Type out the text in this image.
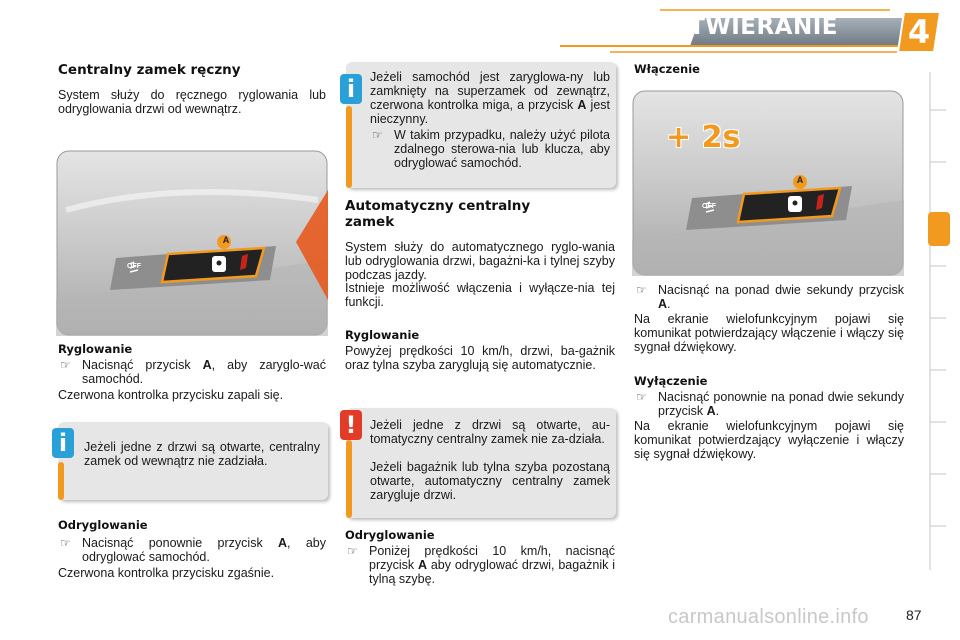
OTWIERANIE	4
Centralny zamek ręczny
System służy do ręcznego ryglowania lub odryglowania drzwi od wewnątrz.
A
OFF
Ryglowanie
☞ Nacisnąć przycisk A, aby zaryglo-wać samochód.
Czerwona kontrolka przycisku zapali się.
i	Jeżeli jedne z drzwi są otwarte, centralny zamek od wewnątrz nie zadziała.
Odryglowanie
☞ Nacisnąć ponownie przycisk A, aby odryglować samochód.
Czerwona kontrolka przycisku zgaśnie.
i	Jeżeli samochód jest zaryglowa-ny lub zamknięty na superzamek od zewnątrz, czerwona kontrolka miga, a przycisk A jest nieczynny.
☞ W takim przypadku, należy użyć pilota zdalnego sterowa-nia lub klucza, aby odryglować samochód.
Automatyczny centralny zamek
System służy do automatycznego ryglo-wania lub odryglowania drzwi, bagażni-ka i tylnej szyby podczas jazdy.
Istnieje możliwość włączenia i wyłącze-nia tej funkcji.
Ryglowanie
Powyżej prędkości 10 km/h, drzwi, ba-gażnik oraz tylna szyba zaryglują się automatycznie.
!	Jeżeli jedne z drzwi są otwarte, au-tomatyczny centralny zamek nie za-działa.
Jeżeli bagażnik lub tylna szyba pozostaną otwarte, automatyczny centralny zamek zarygluje drzwi.
Odryglowanie
☞ Poniżej prędkości 10 km/h, nacisnąć przycisk A aby odryglować drzwi, bagażnik i tylną szybę.
Włączenie
+ 2s
A
OFF
☞ Nacisnąć na ponad dwie sekundy przycisk A.
Na ekranie wielofunkcyjnym pojawi się komunikat potwierdzający włączenie i włączy się sygnał dźwiękowy.
Wyłączenie
☞ Nacisnąć ponownie na ponad dwie sekundy przycisk A.
Na ekranie wielofunkcyjnym pojawi się komunikat potwierdzający wyłączenie i włączy się sygnał dźwiękowy.
carmanualsonline.info	87
